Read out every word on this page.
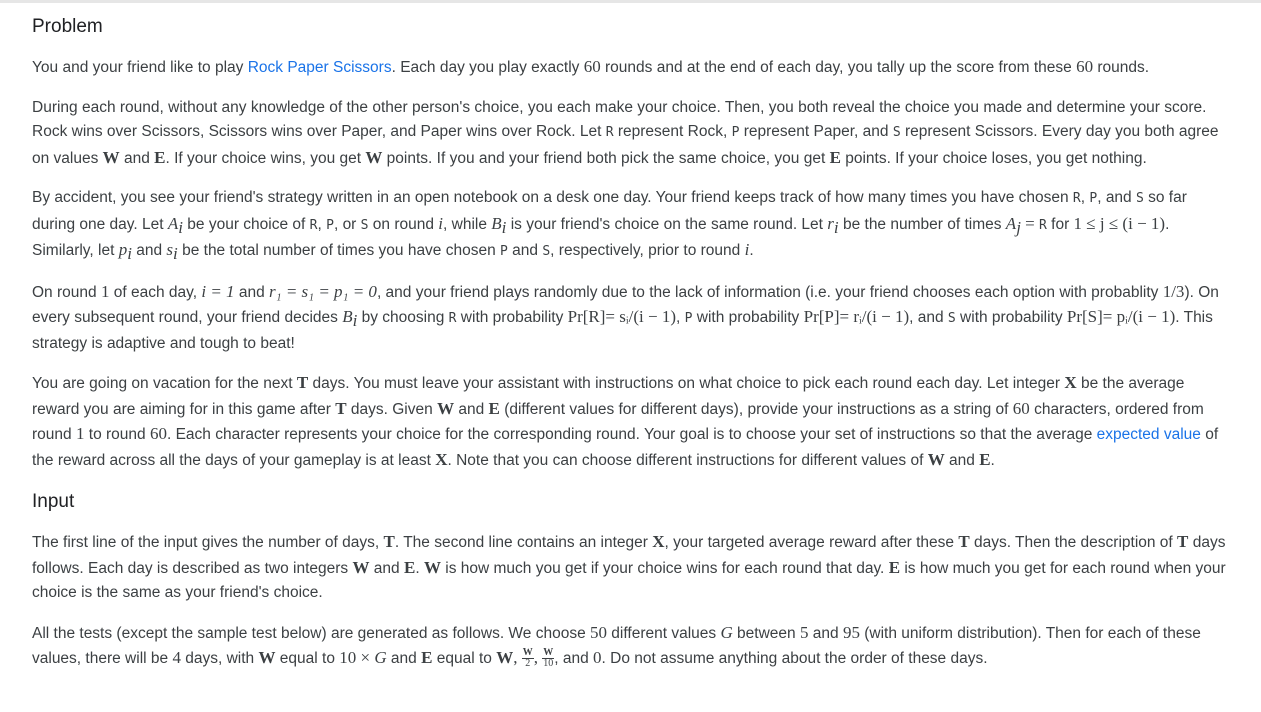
Problem

You and your friend like to play Rock Paper Scissors. Each day you play exactly 60 rounds and at the end of each day, you tally up the score from these 60 rounds.

During each round, without any knowledge of the other person's choice, you each make your choice. Then, you both reveal the choice you made and determine your score. Rock wins over Scissors, Scissors wins over Paper, and Paper wins over Rock. Let R represent Rock, P represent Paper, and S represent Scissors. Every day you both agree on values W and E. If your choice wins, you get W points. If you and your friend both pick the same choice, you get E points. If your choice loses, you get nothing.

By accident, you see your friend's strategy written in an open notebook on a desk one day. Your friend keeps track of how many times you have chosen R, P, and S so far during one day. Let $A_i$ be your choice of R, P, or S on round i, while $B_i$ is your friend's choice on the same round. Let $r_i$ be the number of times $A_j = R$ for 1 ≤ j ≤ (i − 1). Similarly, let $p_i$ and $s_i$ be the total number of times you have chosen P and S, respectively, prior to round i.

On round 1 of each day, i = 1 and r₁ = s₁ = p₁ = 0, and your friend plays randomly due to the lack of information (i.e. your friend chooses each option with probablity 1/3). On every subsequent round, your friend decides $B_i$ by choosing R with probability Pr[R]= sᵢ/(i − 1), P with probability Pr[P]= rᵢ/(i − 1), and S with probability Pr[S]= pᵢ/(i − 1). This strategy is adaptive and tough to beat!

You are going on vacation for the next T days. You must leave your assistant with instructions on what choice to pick each round each day. Let integer X be the average reward you are aiming for in this game after T days. Given W and E (different values for different days), provide your instructions as a string of 60 characters, ordered from round 1 to round 60. Each character represents your choice for the corresponding round. Your goal is to choose your set of instructions so that the average expected value of the reward across all the days of your gameplay is at least X. Note that you can choose different instructions for different values of W and E.

Input

The first line of the input gives the number of days, T. The second line contains an integer X, your targeted average reward after these T days. Then the description of T days follows. Each day is described as two integers W and E. W is how much you get if your choice wins for each round that day. E is how much you get for each round when your choice is the same as your friend's choice.

All the tests (except the sample test below) are generated as follows. We choose 50 different values G between 5 and 95 (with uniform distribution). Then for each of these values, there will be 4 days, with W equal to 10 × G and E equal to W, $\frac{W}{2}$ , $\frac{W}{10}$ , and 0. Do not assume anything about the order of these days.
